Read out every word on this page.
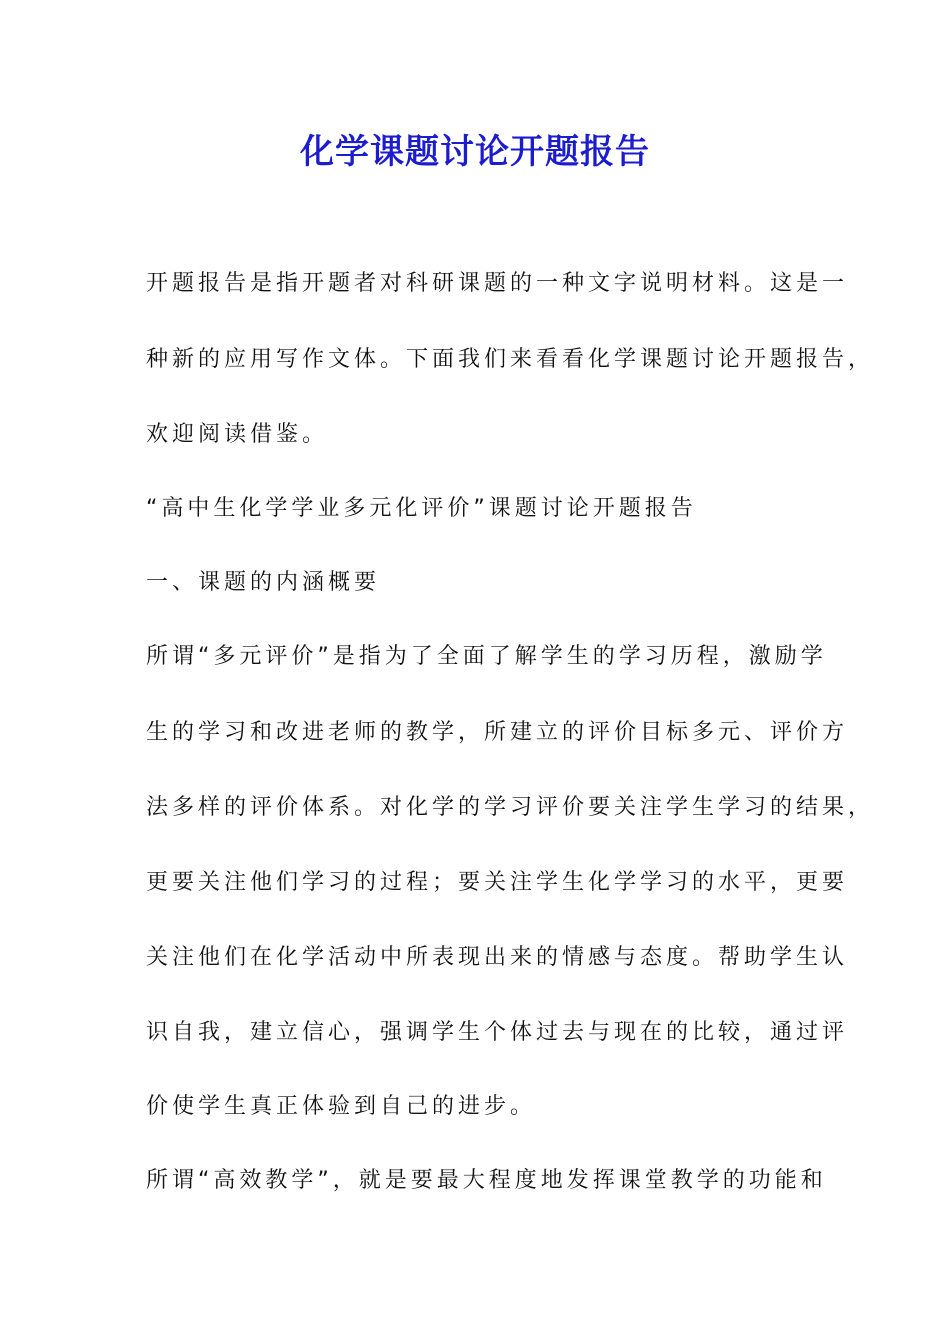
化学课题讨论开题报告
开题报告是指开题者对科研课题的一种文字说明材料。这是一
种新的应用写作文体。下面我们来看看化学课题讨论开题报告，
欢迎阅读借鉴。
“高中生化学学业多元化评价”课题讨论开题报告
一、课题的内涵概要
所谓“多元评价”是指为了全面了解学生的学习历程，激励学
生的学习和改进老师的教学，所建立的评价目标多元、评价方
法多样的评价体系。对化学的学习评价要关注学生学习的结果，
更要关注他们学习的过程；要关注学生化学学习的水平，更要
关注他们在化学活动中所表现出来的情感与态度。帮助学生认
识自我，建立信心，强调学生个体过去与现在的比较，通过评
价使学生真正体验到自己的进步。
所谓“高效教学”，就是要最大程度地发挥课堂教学的功能和
